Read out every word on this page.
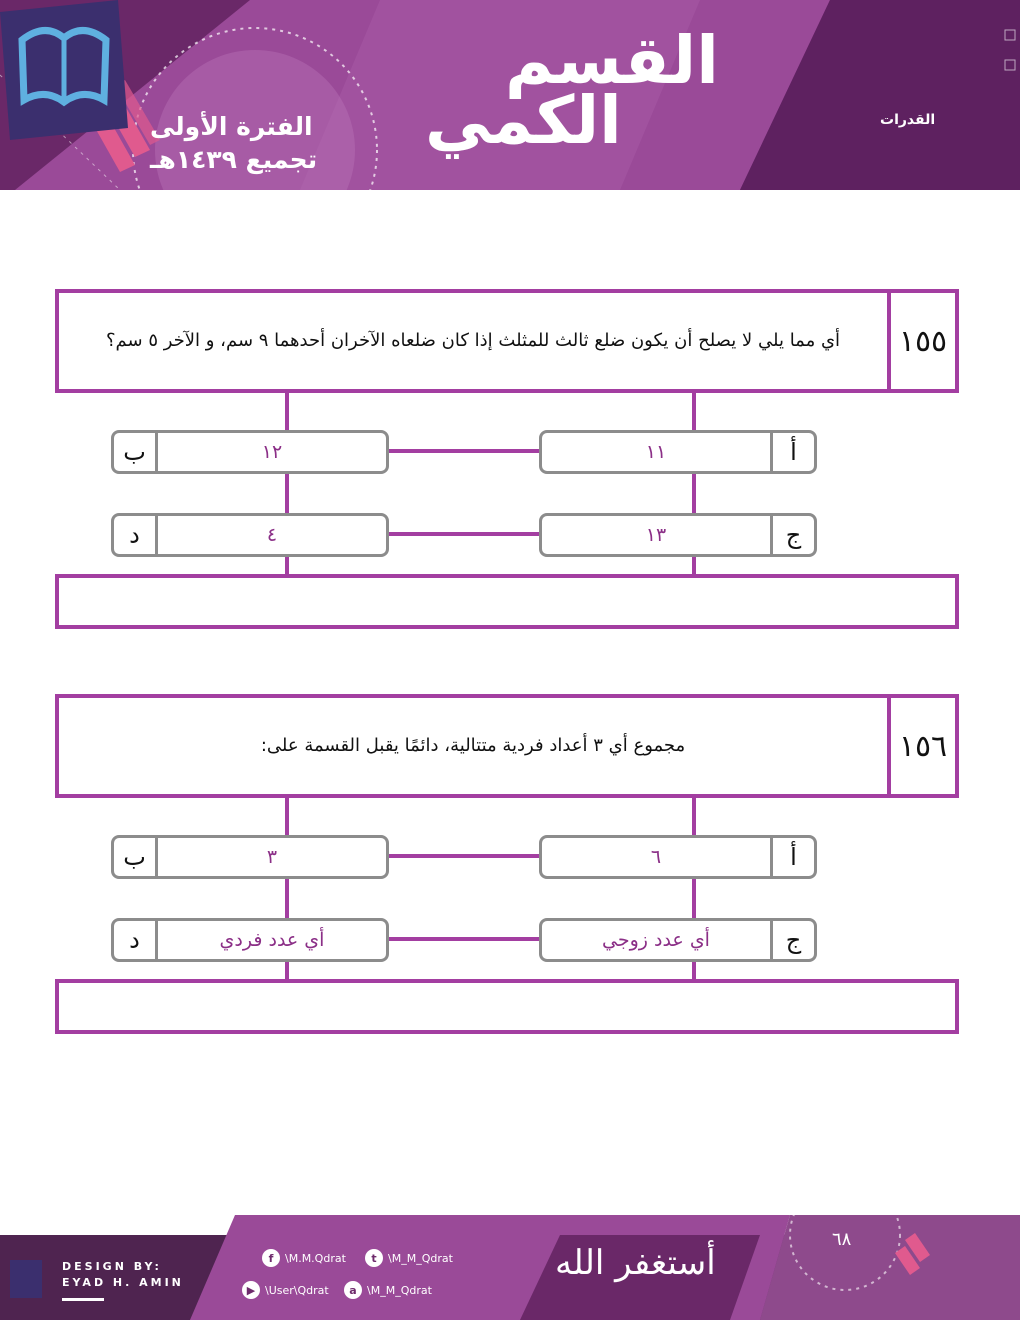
القسم
الكمي
الفترة الأولى
تجميع ١٤٣٩هـ
القدرات
١٥٥
أي مما يلي لا يصلح أن يكون ضلع ثالث للمثلث إذا كان ضلعاه الآخران أحدهما ٩ سم، و الآخر ٥ سم؟
أ
١١
ب	١٢
ج
١٣
د	٤
١٥٦
مجموع أي ٣ أعداد فردية متتالية، دائمًا يقبل القسمة على:
أ
٦
ب	٣
ج
أي عدد زوجي
د	أي عدد فردي
DESIGN BY:
EYAD H. AMIN
f	\M.M.Qdrat	t	\M_M_Qdrat
▶ \User\Qdrat	a \M_M_Qdrat
أستغفر الله
٦٨
